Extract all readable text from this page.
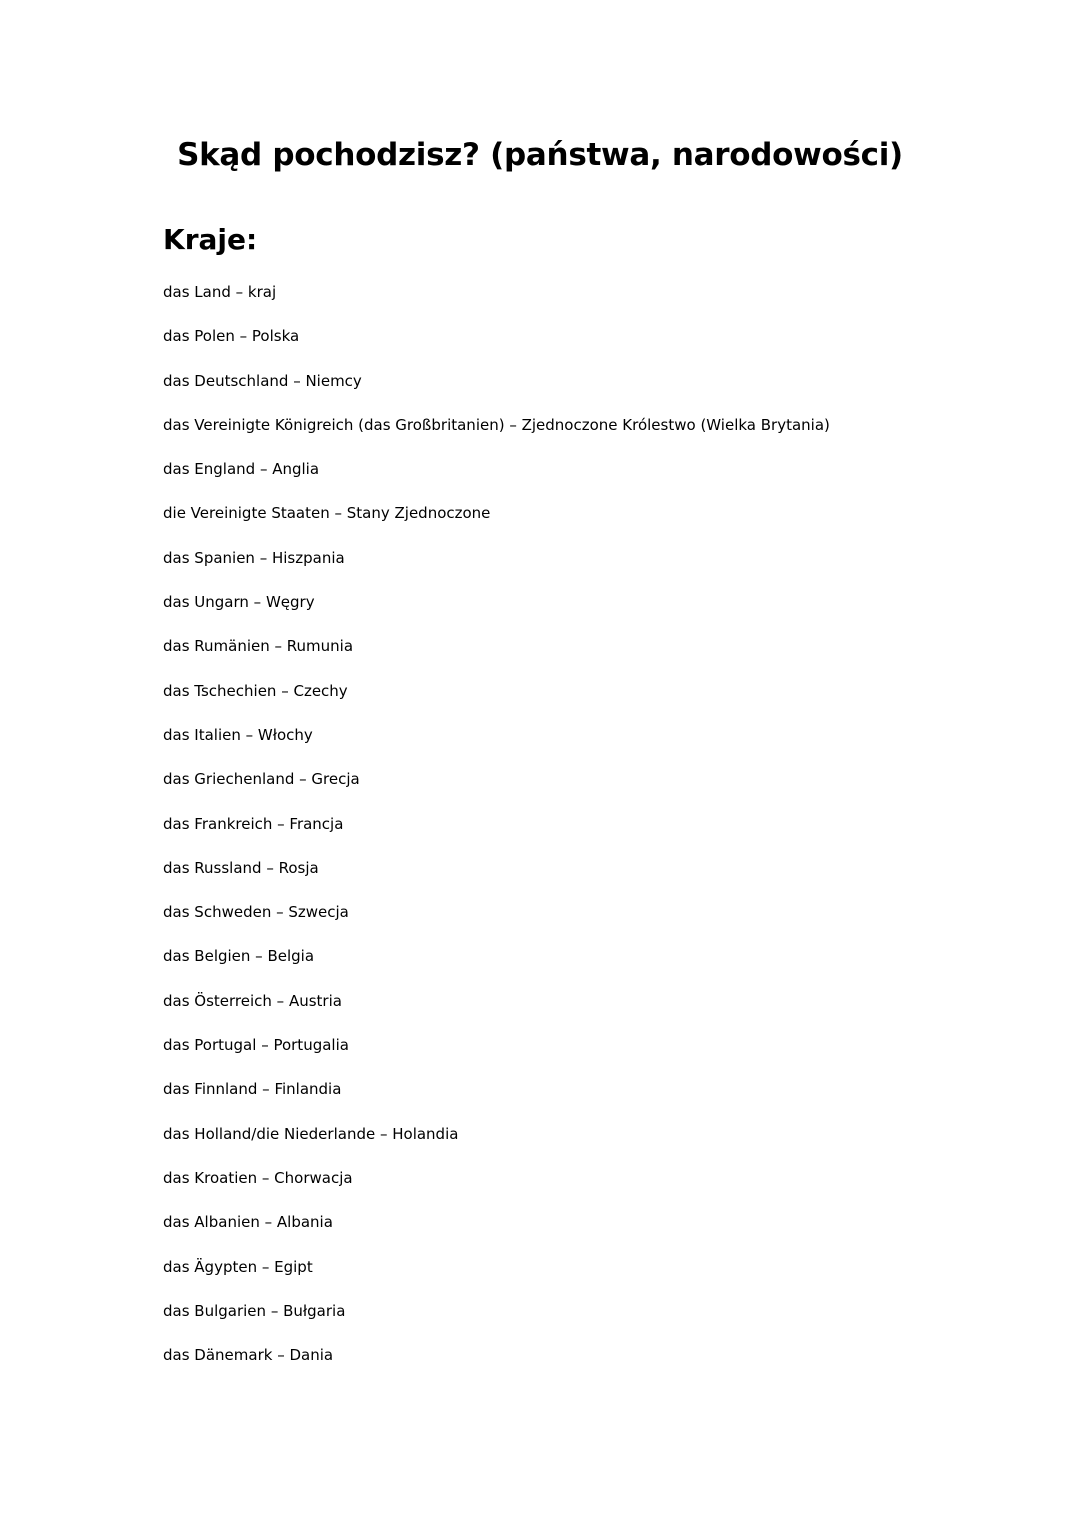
Skąd pochodzisz? (państwa, narodowości)
Kraje:
das Land – kraj
das Polen – Polska
das Deutschland – Niemcy
das Vereinigte Königreich (das Großbritanien) – Zjednoczone Królestwo (Wielka Brytania)
das England – Anglia
die Vereinigte Staaten – Stany Zjednoczone
das Spanien – Hiszpania
das Ungarn – Węgry
das Rumänien – Rumunia
das Tschechien – Czechy
das Italien – Włochy
das Griechenland – Grecja
das Frankreich – Francja
das Russland – Rosja
das Schweden – Szwecja
das Belgien – Belgia
das Österreich – Austria
das Portugal – Portugalia
das Finnland – Finlandia
das Holland/die Niederlande – Holandia
das Kroatien – Chorwacja
das Albanien – Albania
das Ägypten – Egipt
das Bulgarien – Bułgaria
das Dänemark – Dania
